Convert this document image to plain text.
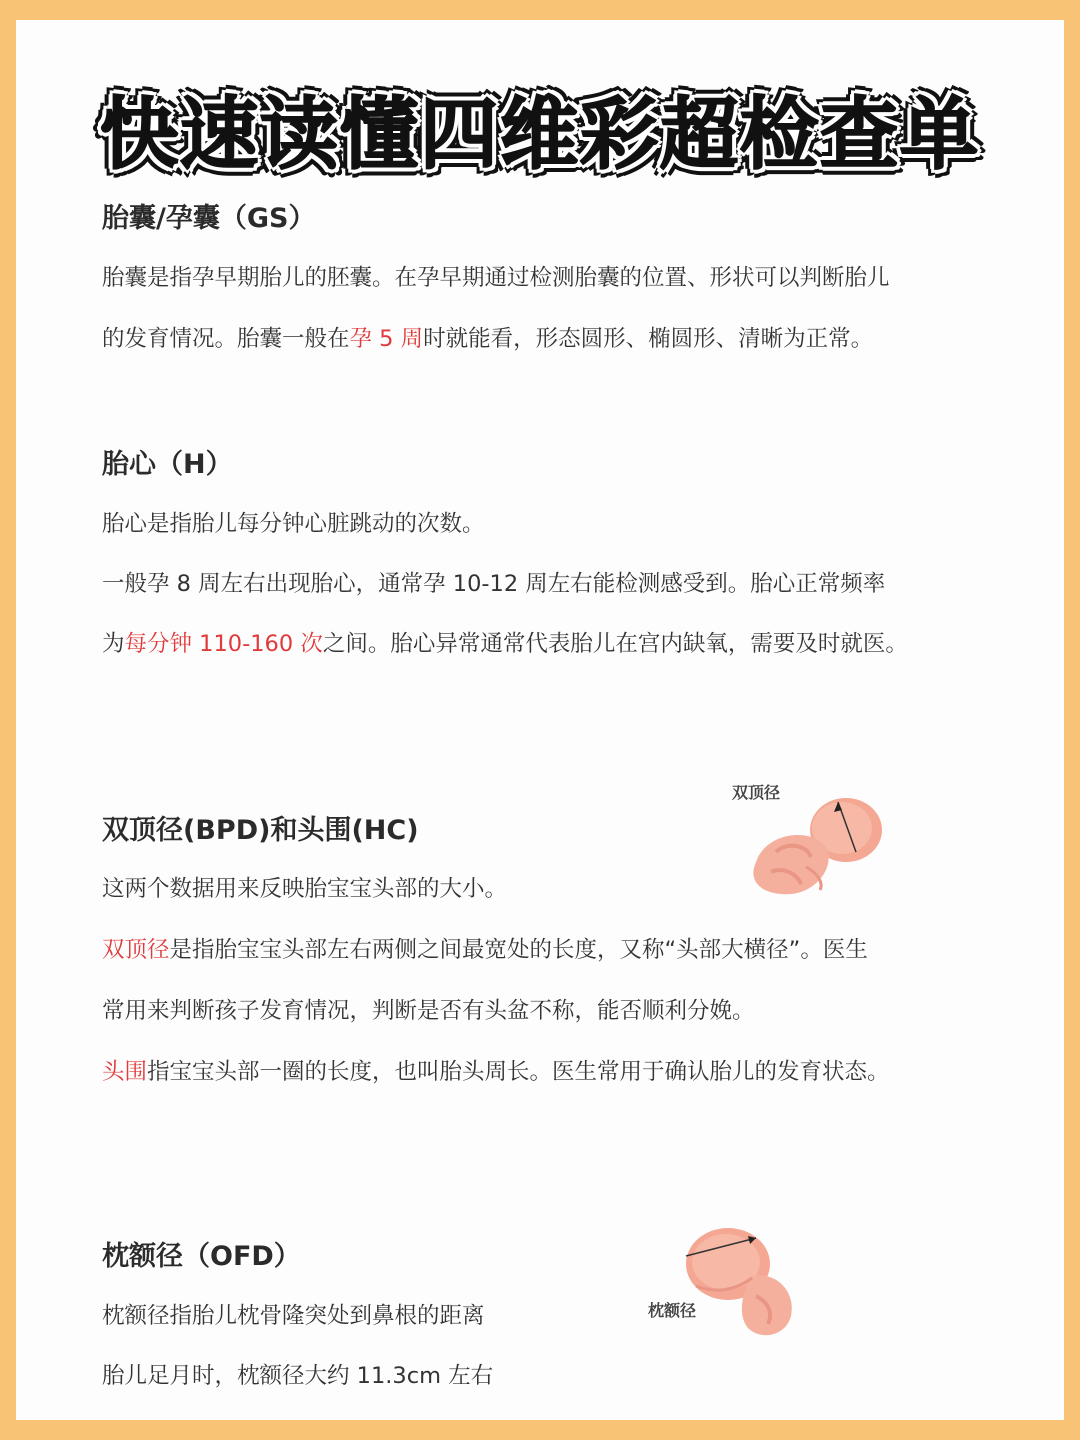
快速读懂四维彩超检查单
胎囊/孕囊（GS）
胎囊是指孕早期胎儿的胚囊。在孕早期通过检测胎囊的位置、形状可以判断胎儿
的发育情况。胎囊一般在孕 5 周时就能看，形态圆形、椭圆形、清晰为正常。
胎心（H）
胎心是指胎儿每分钟心脏跳动的次数。
一般孕 8 周左右出现胎心，通常孕 10-12 周左右能检测感受到。胎心正常频率
为每分钟 110-160 次之间。胎心异常通常代表胎儿在宫内缺氧，需要及时就医。
双顶径
双顶径(BPD)和头围(HC)
这两个数据用来反映胎宝宝头部的大小。
双顶径是指胎宝宝头部左右两侧之间最宽处的长度，又称“头部大横径”。医生
常用来判断孩子发育情况，判断是否有头盆不称，能否顺利分娩。
头围指宝宝头部一圈的长度，也叫胎头周长。医生常用于确认胎儿的发育状态。
枕额径
枕额径（OFD）
枕额径指胎儿枕骨隆突处到鼻根的距离
胎儿足月时，枕额径大约 11.3cm 左右
